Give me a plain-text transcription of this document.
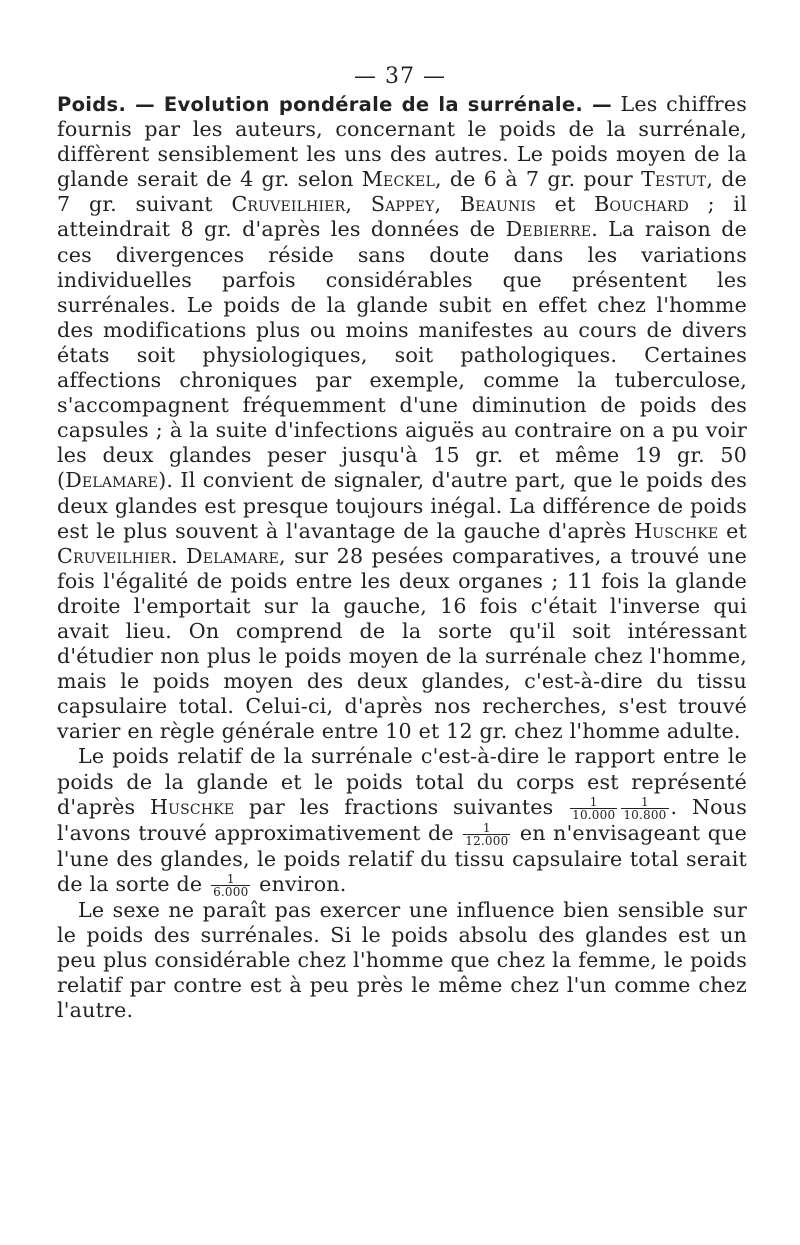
— 37 —

Poids. — Evolution pondérale de la surrénale. — Les chiffres fournis par les auteurs, concernant le poids de la surrénale, diffèrent sensiblement les uns des autres. Le poids moyen de la glande serait de 4 gr. selon Meckel, de 6 à 7 gr. pour Testut, de 7 gr. suivant Cruveilhier, Sappey, Beaunis et Bouchard ; il atteindrait 8 gr. d'après les données de Debierre. La raison de ces divergences réside sans doute dans les variations individuelles parfois considérables que présentent les surrénales. Le poids de la glande subit en effet chez l'homme des modifications plus ou moins manifestes au cours de divers états soit physiologiques, soit pathologiques. Certaines affections chroniques par exemple, comme la tuberculose, s'accompagnent fréquemment d'une diminution de poids des capsules ; à la suite d'infections aiguës au contraire on a pu voir les deux glandes peser jusqu'à 15 gr. et même 19 gr. 50 (Delamare). Il convient de signaler, d'autre part, que le poids des deux glandes est presque toujours inégal. La différence de poids est le plus souvent à l'avantage de la gauche d'après Huschke et Cruveilhier. Delamare, sur 28 pesées comparatives, a trouvé une fois l'égalité de poids entre les deux organes ; 11 fois la glande droite l'emportait sur la gauche, 16 fois c'était l'inverse qui avait lieu. On comprend de la sorte qu'il soit intéressant d'étudier non plus le poids moyen de la surrénale chez l'homme, mais le poids moyen des deux glandes, c'est-à-dire du tissu capsulaire total. Celui-ci, d'après nos recherches, s'est trouvé varier en règle générale entre 10 et 12 gr. chez l'homme adulte.

Le poids relatif de la surrénale c'est-à-dire le rapport entre le poids de la glande et le poids total du corps est représenté d'après Huschke par les fractions suivantes $\frac{1}{10.000} \frac{1}{10.800}$ . Nous l'avons trouvé approximativement de $\frac{1}{12.000}$ en n'envisageant que l'une des glandes, le poids relatif du tissu capsulaire total serait de la sorte de $\frac{1}{6.000}$ environ.

Le sexe ne paraît pas exercer une influence bien sensible sur le poids des surrénales. Si le poids absolu des glandes est un peu plus considérable chez l'homme que chez la femme, le poids relatif par contre est à peu près le même chez l'un comme chez l'autre.
